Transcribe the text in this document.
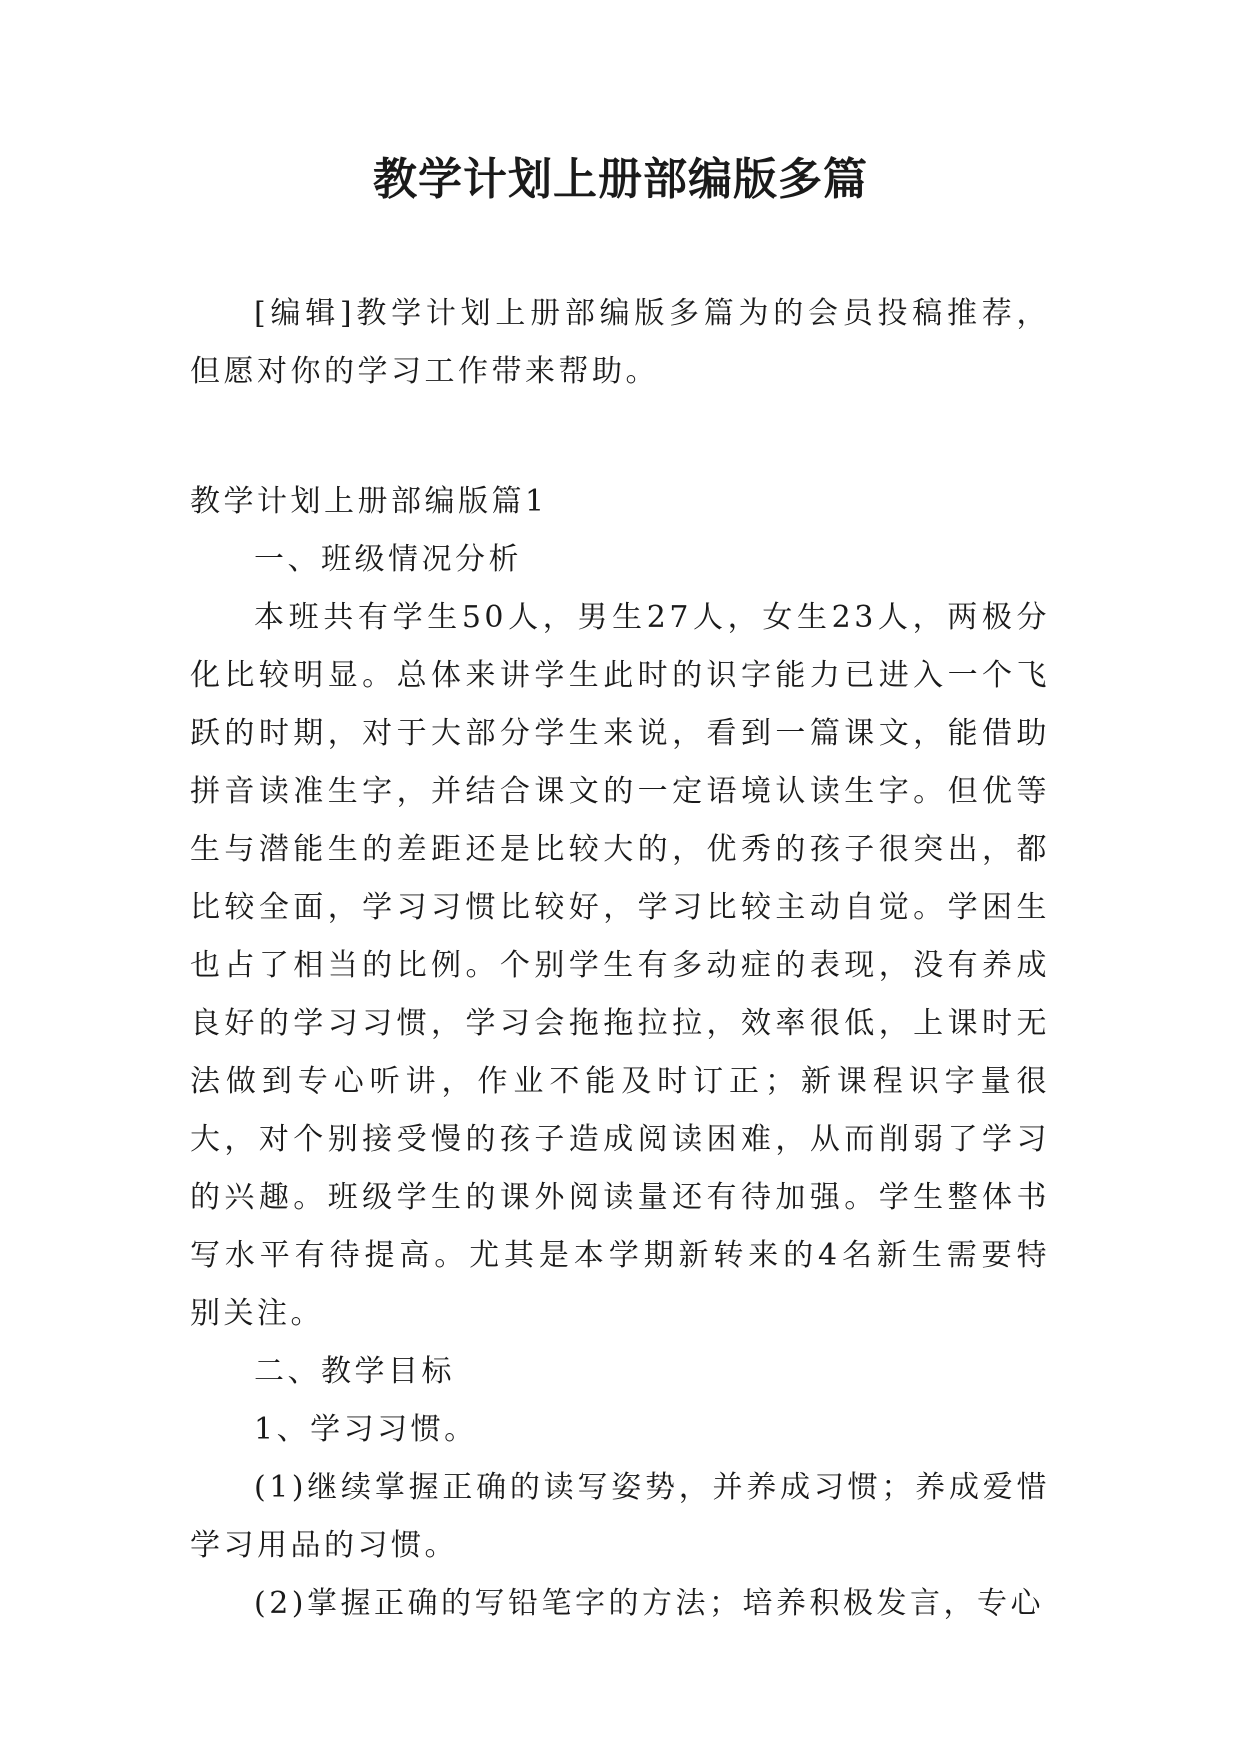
教学计划上册部编版多篇

[编辑]教学计划上册部编版多篇为的会员投稿推荐，但愿对你的学习工作带来帮助。

教学计划上册部编版篇1

一、班级情况分析

本班共有学生50人，男生27人，女生23人，两极分化比较明显。总体来讲学生此时的识字能力已进入一个飞跃的时期，对于大部分学生来说，看到一篇课文，能借助拼音读准生字，并结合课文的一定语境认读生字。但优等生与潜能生的差距还是比较大的，优秀的孩子很突出，都比较全面，学习习惯比较好，学习比较主动自觉。学困生也占了相当的比例。个别学生有多动症的表现，没有养成良好的学习习惯，学习会拖拖拉拉，效率很低，上课时无法做到专心听讲，作业不能及时订正；新课程识字量很大，对个别接受慢的孩子造成阅读困难，从而削弱了学习的兴趣。班级学生的课外阅读量还有待加强。学生整体书写水平有待提高。尤其是本学期新转来的4名新生需要特别关注。

二、教学目标

1、学习习惯。

(1)继续掌握正确的读写姿势，并养成习惯；养成爱惜学习用品的习惯。

(2)掌握正确的写铅笔字的方法；培养积极发言，专心
